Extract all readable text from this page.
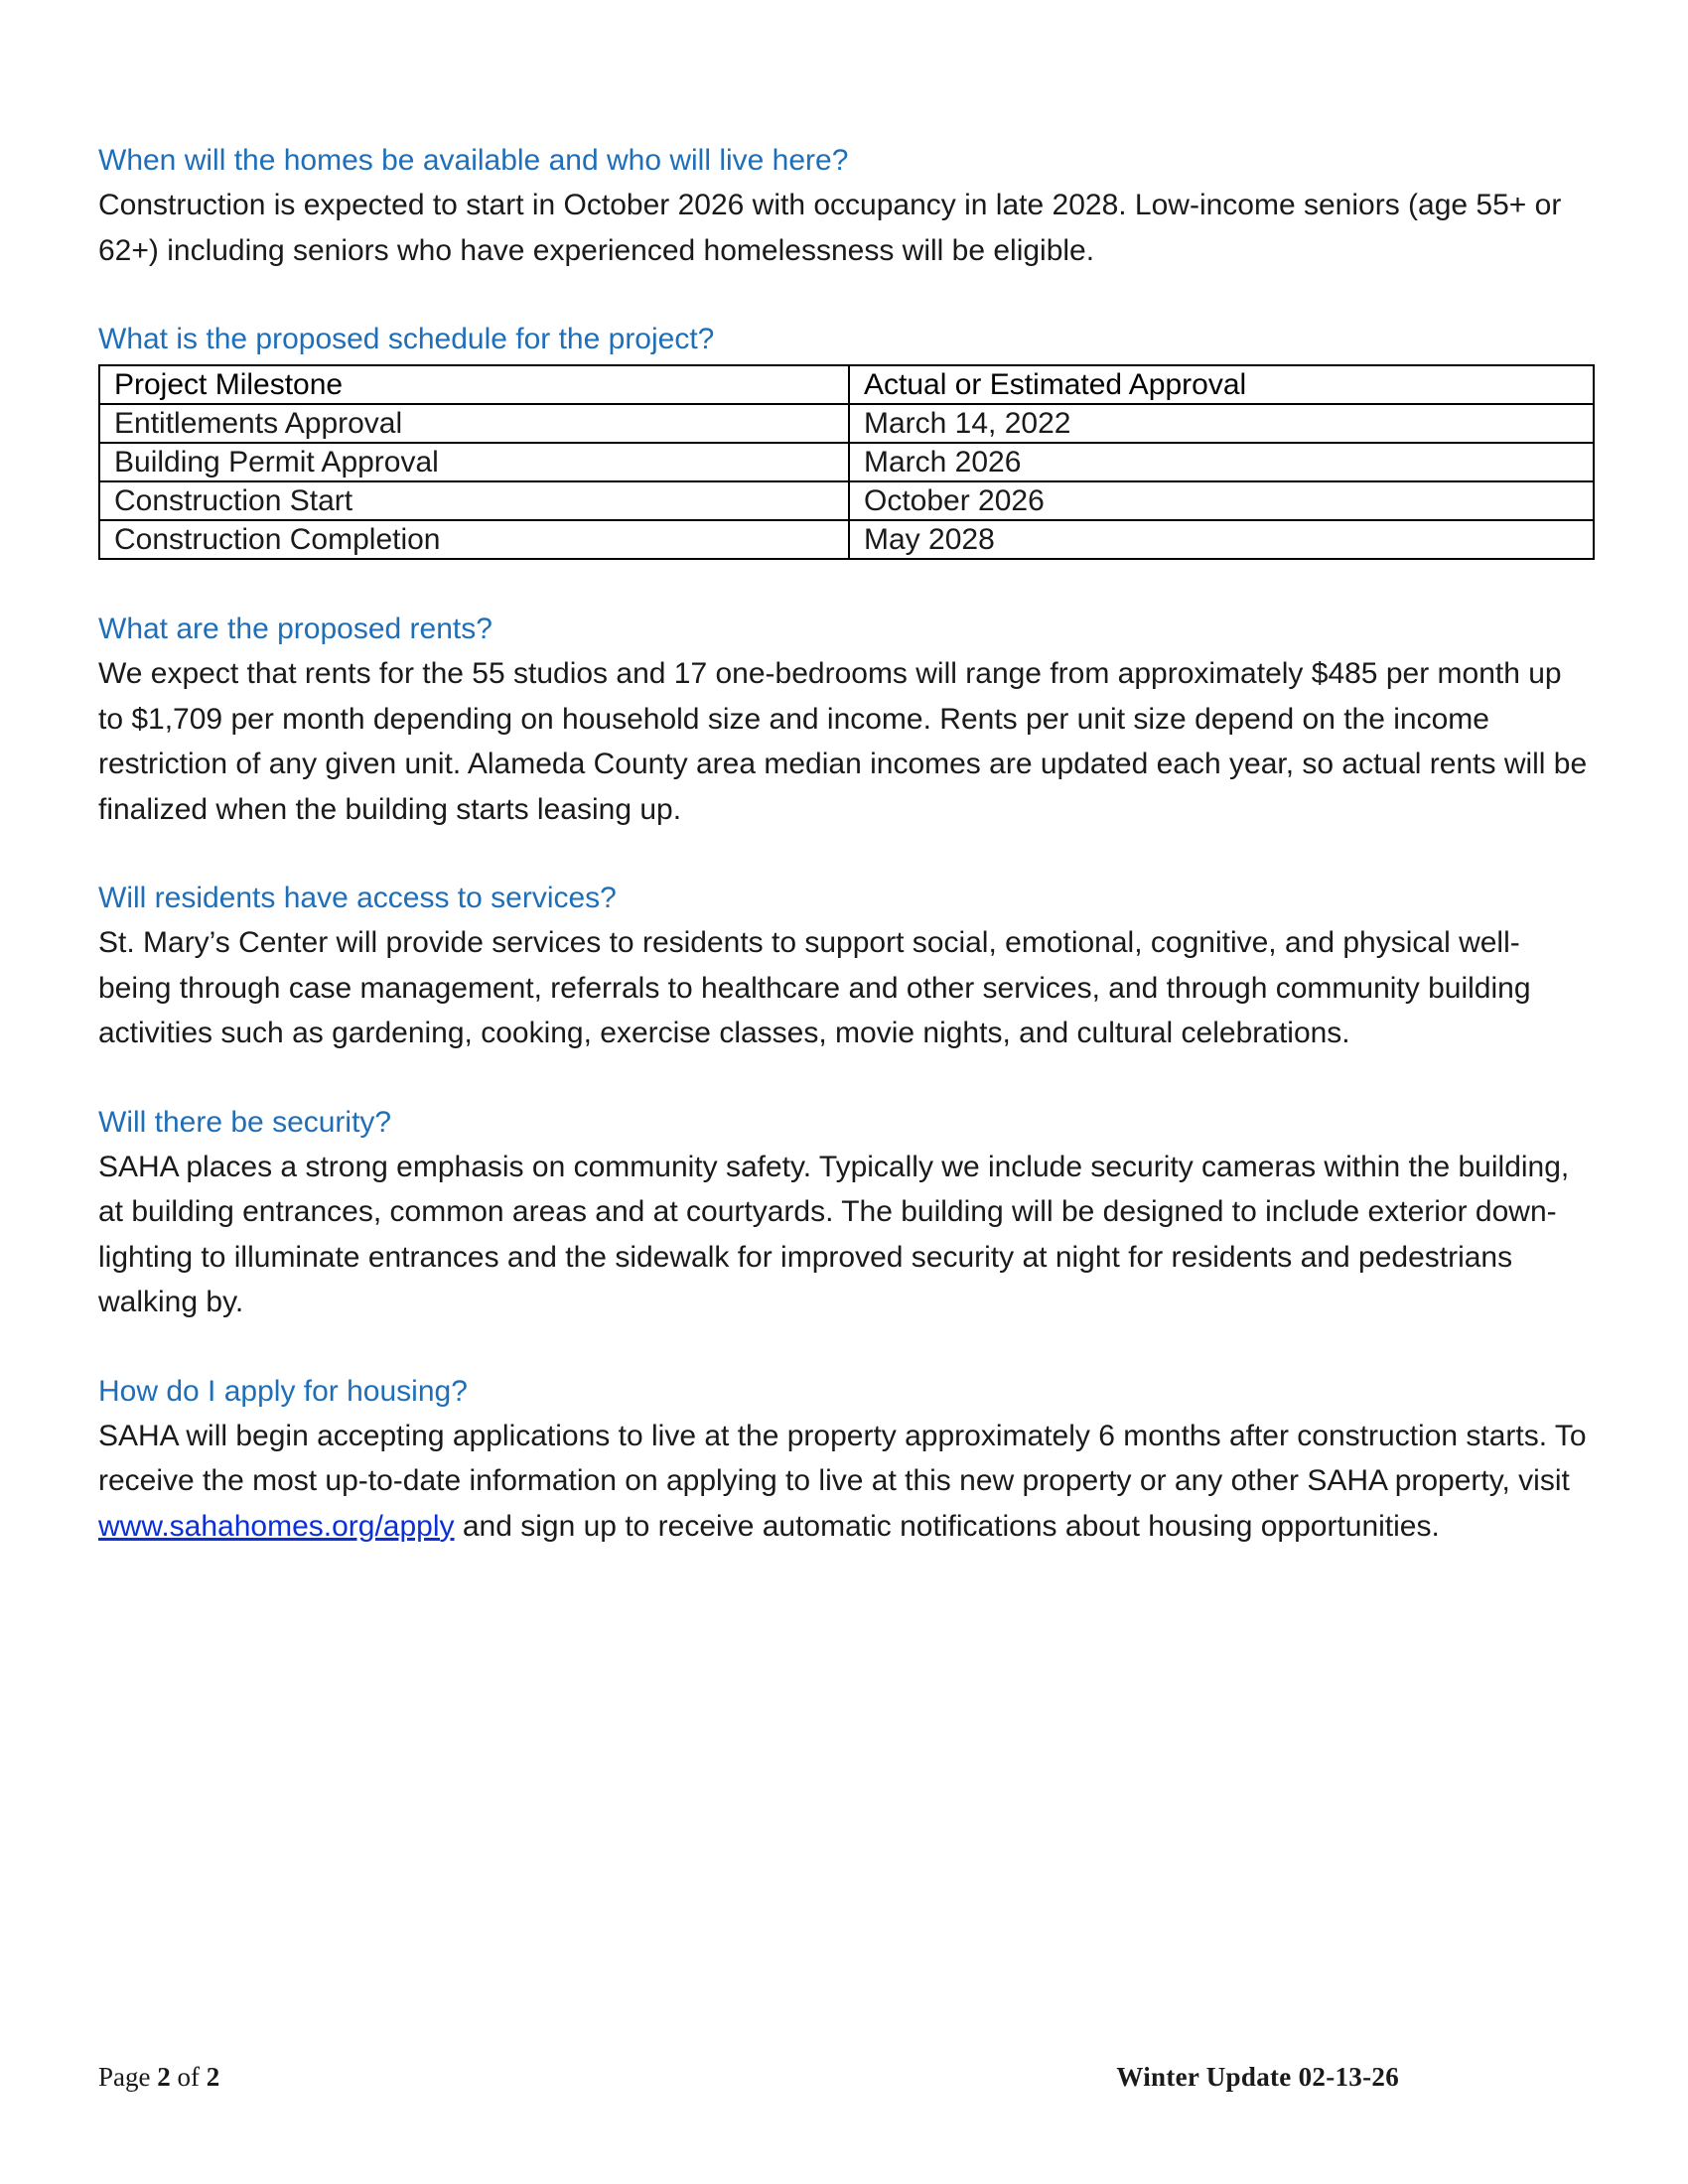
When will the homes be available and who will live here?

Construction is expected to start in October 2026 with occupancy in late 2028. Low-income seniors (age 55+ or 62+) including seniors who have experienced homelessness will be eligible.

What is the proposed schedule for the project?
Project Milestone	Actual or Estimated Approval
Entitlements Approval	March 14, 2022
Building Permit Approval	March 2026
Construction Start	October 2026
Construction Completion	May 2028
What are the proposed rents?

We expect that rents for the 55 studios and 17 one-bedrooms will range from approximately $485 per month up to $1,709 per month depending on household size and income. Rents per unit size depend on the income restriction of any given unit. Alameda County area median incomes are updated each year, so actual rents will be finalized when the building starts leasing up.

Will residents have access to services?

St. Mary’s Center will provide services to residents to support social, emotional, cognitive, and physical well-being through case management, referrals to healthcare and other services, and through community building activities such as gardening, cooking, exercise classes, movie nights, and cultural celebrations.

Will there be security?

SAHA places a strong emphasis on community safety. Typically we include security cameras within the building, at building entrances, common areas and at courtyards. The building will be designed to include exterior down-lighting to illuminate entrances and the sidewalk for improved security at night for residents and pedestrians walking by.

How do I apply for housing?

SAHA will begin accepting applications to live at the property approximately 6 months after construction starts. To receive the most up-to-date information on applying to live at this new property or any other SAHA property, visit www.sahahomes.org/apply and sign up to receive automatic notifications about housing opportunities.

Page 2 of 2	Winter Update 02-13-26
